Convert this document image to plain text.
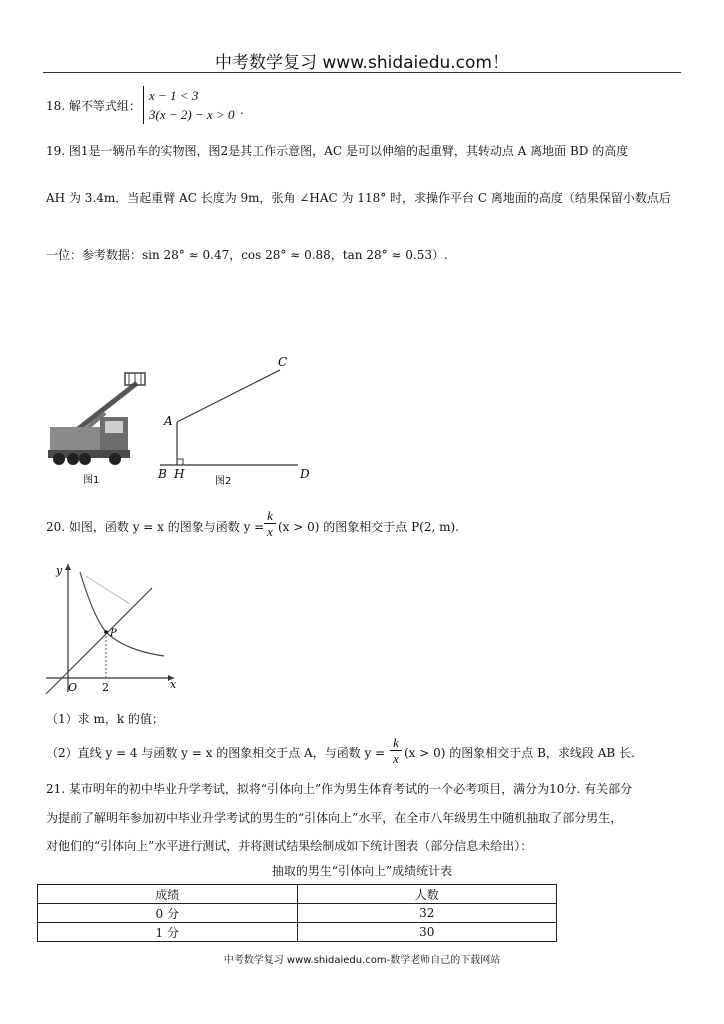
中考数学复习 www.shidaiedu.com！
18. 解不等式组：
x − 1 < 3
3(x − 2) − x > 0 .
19. 图1是一辆吊车的实物图，图2是其工作示意图，AC 是可以伸缩的起重臂，其转动点 A 离地面 BD 的高度
AH 为 3.4m．当起重臂 AC 长度为 9m，张角 ∠HAC 为 118° 时，求操作平台 C 离地面的高度（结果保留小数点后
一位：参考数据：sin 28° ≈ 0.47，cos 28° ≈ 0.88，tan 28° ≈ 0.53）.
图1
A
C
B H	D
图2
20. 如图，函数 y = x 的图象与函数 $y = \frac{k}{x} (x > 0)$ 的图象相交于点 P(2, m).
y
x
O 2
P
（1）求 m，k 的值；
（2）直线 y = 4 与函数 y = x 的图象相交于点 A，与函数 $y = \frac{k}{x} (x > 0)$ 的图象相交于点 B，求线段 AB 长.
21. 某市明年的初中毕业升学考试，拟将“引体向上”作为男生体育考试的一个必考项目，满分为10分. 有关部分
为提前了解明年参加初中毕业升学考试的男生的“引体向上”水平，在全市八年级男生中随机抽取了部分男生，
对他们的“引体向上”水平进行测试，并将测试结果绘制成如下统计图表（部分信息未给出）：
抽取的男生“引体向上”成绩统计表
成绩	人数
0 分	32
1 分	30
中考数学复习 www.shidaiedu.com-数学老师自己的下载网站
